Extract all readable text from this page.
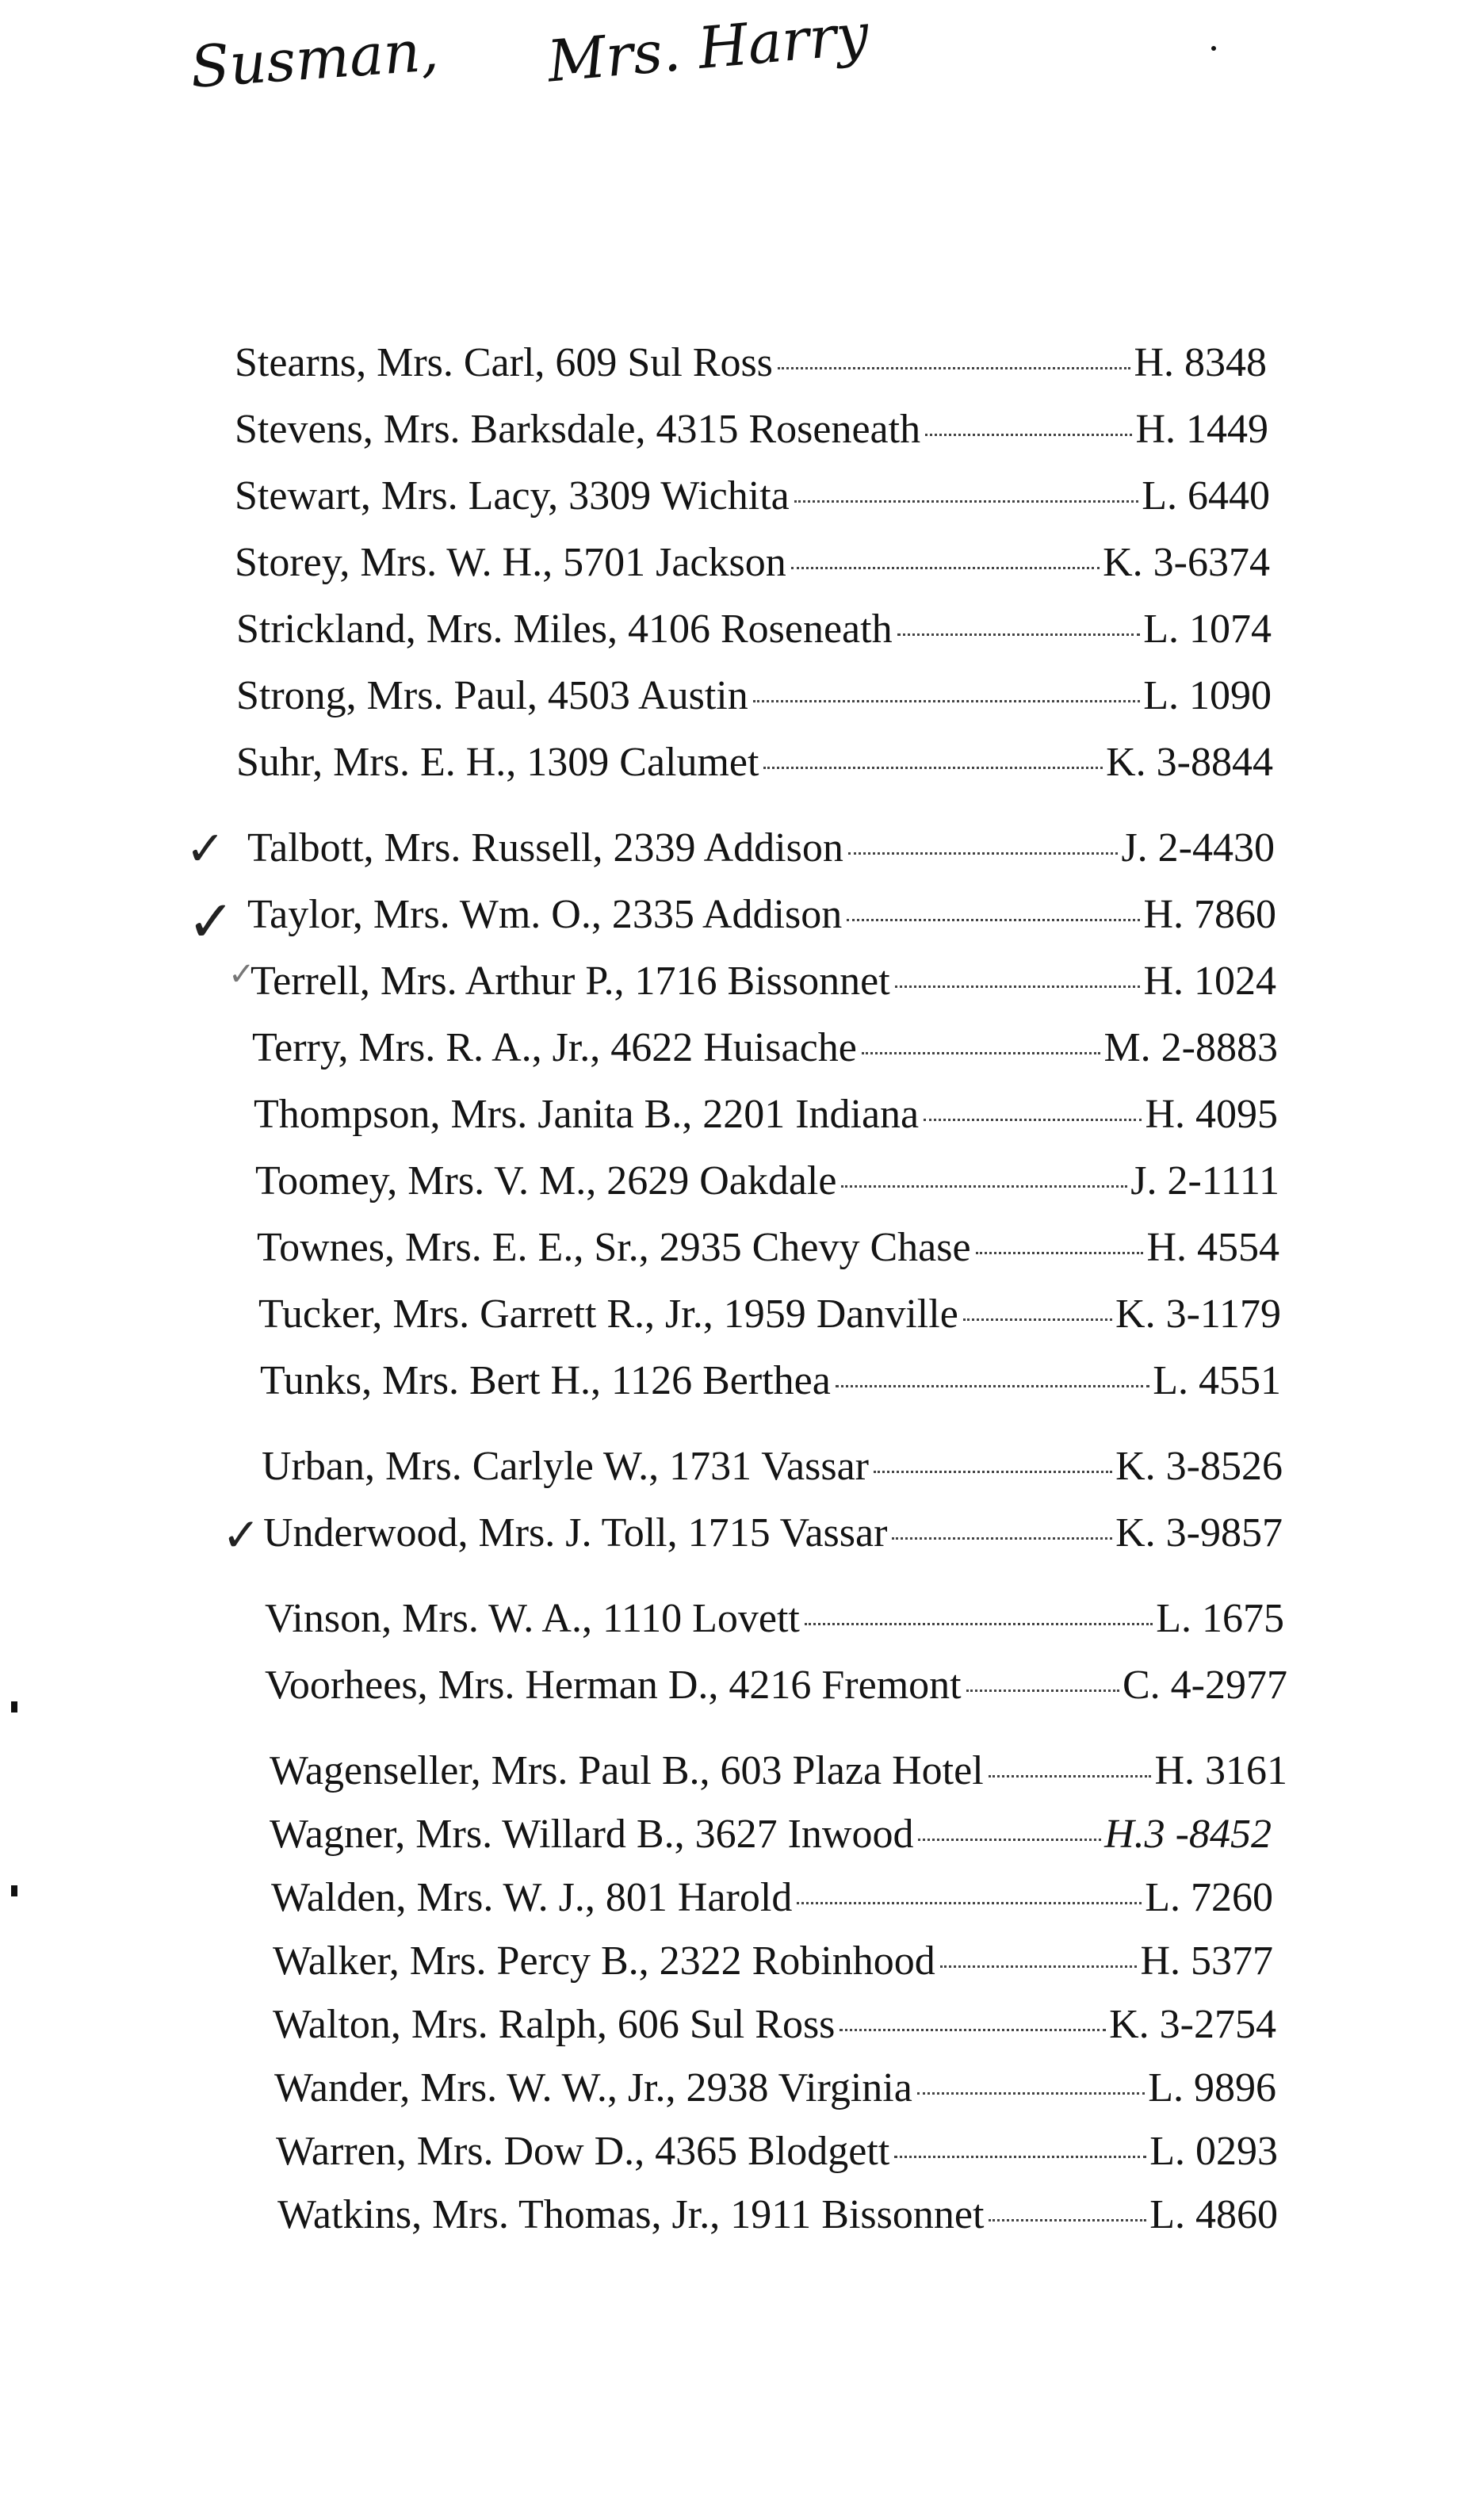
Susman, Mrs. Harry
Stearns, Mrs. Carl, 609 Sul Ross	H. 8348
Stevens, Mrs. Barksdale, 4315 Roseneath	H. 1449
Stewart, Mrs. Lacy, 3309 Wichita	L. 6440
Storey, Mrs. W. H., 5701 Jackson	K. 3-6374
Strickland, Mrs. Miles, 4106 Roseneath	L. 1074
Strong, Mrs. Paul, 4503 Austin	L. 1090
Suhr, Mrs. E. H., 1309 Calumet	K. 3-8844
✓ Talbott, Mrs. Russell, 2339 Addison	J. 2-4430
✓ Taylor, Mrs. Wm. O., 2335 Addison	H. 7860
✓
Terrell, Mrs. Arthur P., 1716 Bissonnet	H. 1024
Terry, Mrs. R. A., Jr., 4622 Huisache	M. 2-8883
Thompson, Mrs. Janita B., 2201 Indiana	H. 4095
Toomey, Mrs. V. M., 2629 Oakdale	J. 2-1111
Townes, Mrs. E. E., Sr., 2935 Chevy Chase	H. 4554
Tucker, Mrs. Garrett R., Jr., 1959 Danville	K. 3-1179
Tunks, Mrs. Bert H., 1126 Berthea	L. 4551
Urban, Mrs. Carlyle W., 1731 Vassar	K. 3-8526
✓ Underwood, Mrs. J. Toll, 1715 Vassar	K. 3-9857
Vinson, Mrs. W. A., 1110 Lovett	L. 1675
Voorhees, Mrs. Herman D., 4216 Fremont	C. 4-2977
Wagenseller, Mrs. Paul B., 603 Plaza Hotel	H. 3161
Wagner, Mrs. Willard B., 3627 Inwood	H.3 -8452
Walden, Mrs. W. J., 801 Harold	L. 7260
Walker, Mrs. Percy B., 2322 Robinhood	H. 5377
Walton, Mrs. Ralph, 606 Sul Ross	K. 3-2754
Wander, Mrs. W. W., Jr., 2938 Virginia	L. 9896
Warren, Mrs. Dow D., 4365 Blodgett	L. 0293
Watkins, Mrs. Thomas, Jr., 1911 Bissonnet	L. 4860
